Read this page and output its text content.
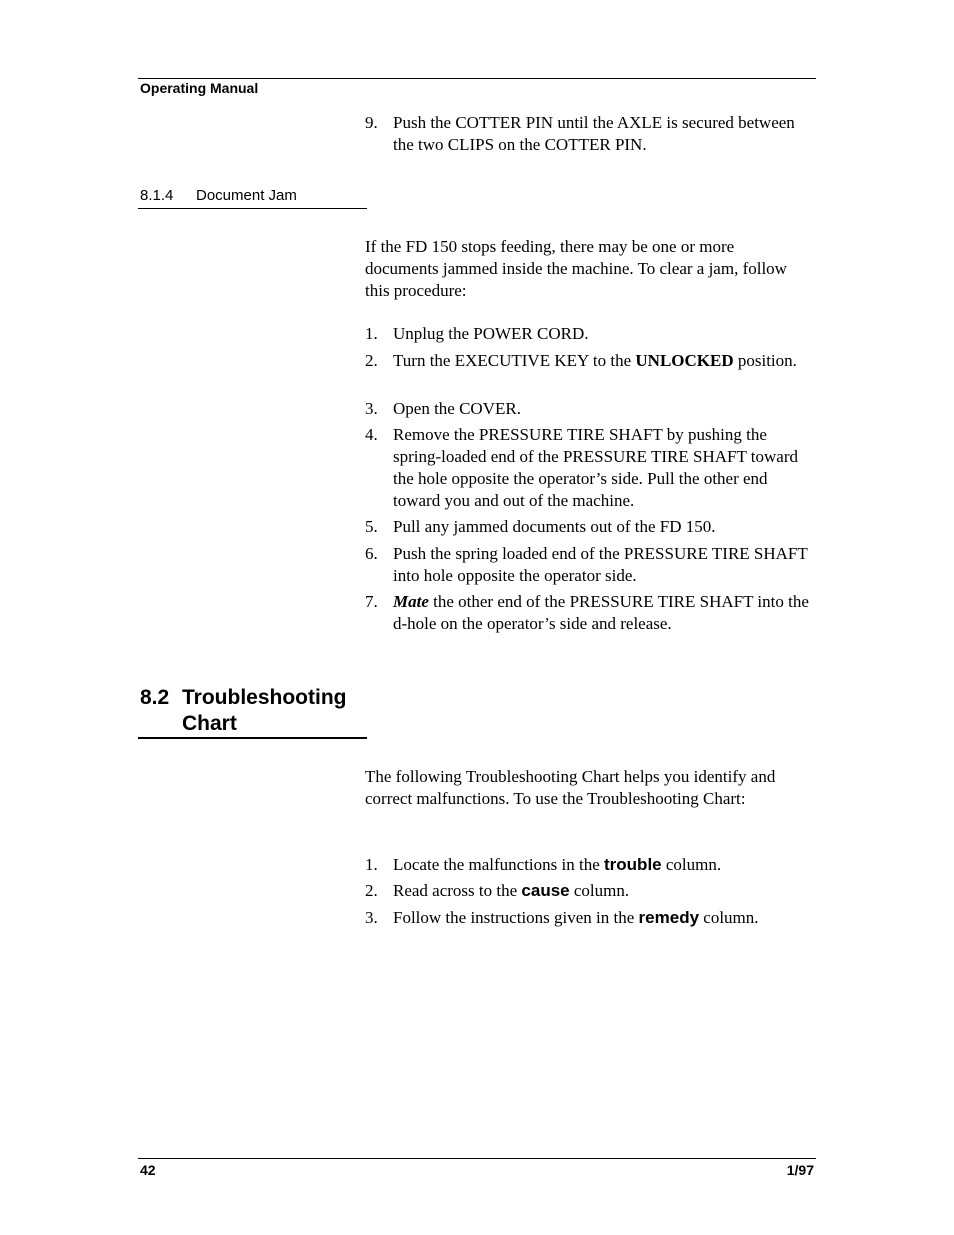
Operating Manual
9. Push the COTTER PIN until the AXLE is secured between the two CLIPS on the COTTER PIN.
8.1.4 Document Jam
If the FD 150 stops feeding, there may be one or more documents jammed inside the machine. To clear a jam, follow this procedure:
1. Unplug the POWER CORD.
2. Turn the EXECUTIVE KEY to the UNLOCKED position.
3. Open the COVER.
4. Remove the PRESSURE TIRE SHAFT by pushing the spring-loaded end of the PRESSURE TIRE SHAFT toward the hole opposite the operator’s side. Pull the other end toward you and out of the machine.
5. Pull any jammed documents out of the FD 150.
6. Push the spring loaded end of the PRESSURE TIRE SHAFT into hole opposite the operator side.
7. Mate the other end of the PRESSURE TIRE SHAFT into the d-hole on the operator’s side and release.
8.2 Troubleshooting
Chart
The following Troubleshooting Chart helps you identify and correct malfunctions. To use the Troubleshooting Chart:
1. Locate the malfunctions in the trouble column.
2. Read across to the cause column.
3. Follow the instructions given in the remedy column.
42	1/97
